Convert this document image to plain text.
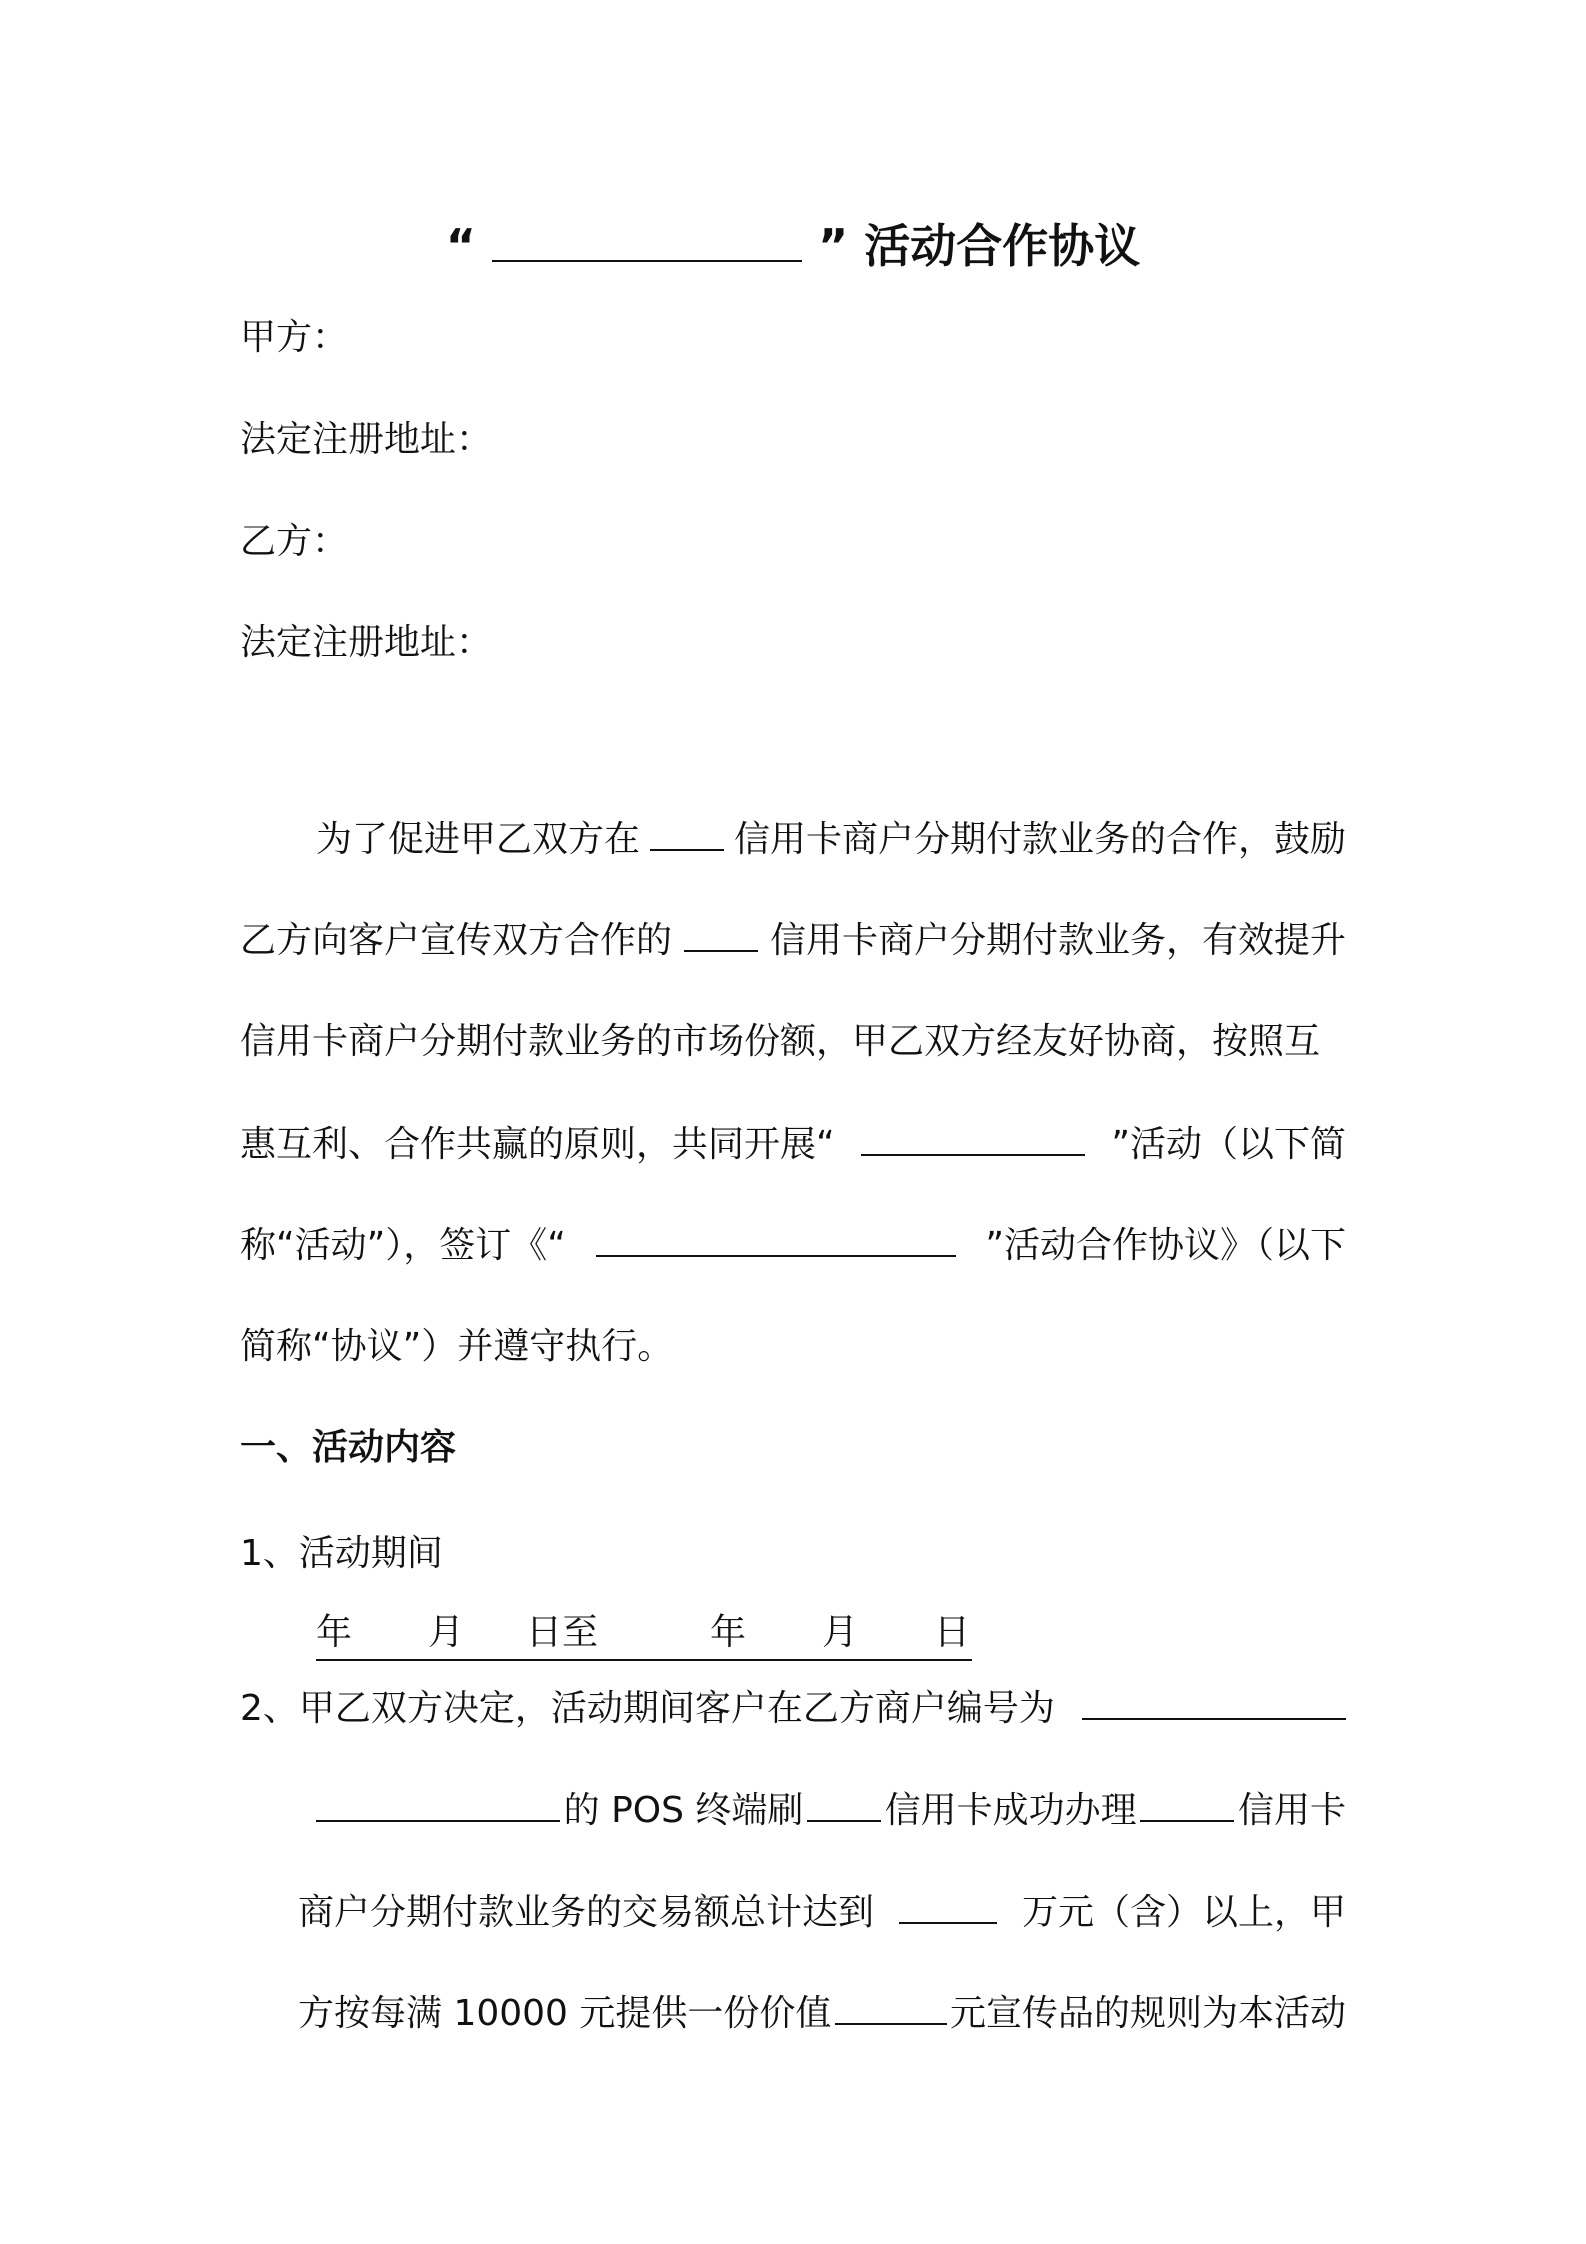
“	” 活动合作协议
甲方：
法定注册地址：
乙方：
法定注册地址：
为了促进甲乙双方在	信用卡商户分期付款业务的合作，鼓励
乙方向客户宣传双方合作的	信用卡商户分期付款业务，有效提升
信用卡商户分期付款业务的市场份额，甲乙双方经友好协商，按照互
惠互利、合作共赢的原则，共同开展“	”活动（以下简
称“活动”），签订《“	”活动合作协议》（以下
简称“协议”）并遵守执行。
一、活动内容
1、活动期间
年 月 日至	年 月 日
2、甲乙双方决定，活动期间客户在乙方商户编号为
的 POS 终端刷 信用卡成功办理	信用卡
商户分期付款业务的交易额总计达到	万元（含）以上，甲
方按每满 10000 元提供一份价值	元宣传品的规则为本活动
